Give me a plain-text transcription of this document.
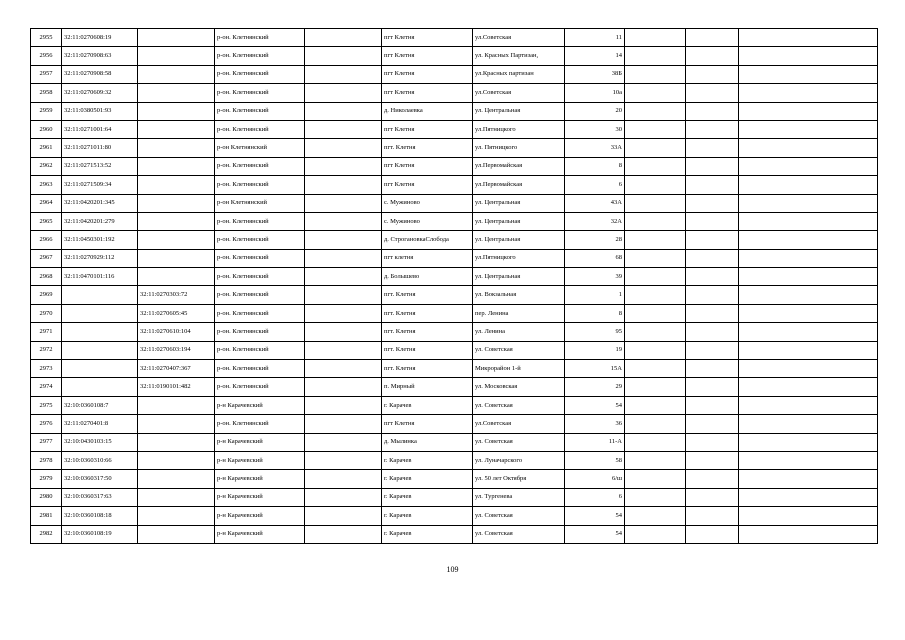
2955	32:11:0270608:19		р-он. Клетнянский		пгт Клетня	ул.Советская	11			
2956	32:11:0270908:63		р-он. Клетнянский		пгт Клетня	ул. Красных Партизан,	14			
2957	32:11:0270908:58		р-он. Клетнянский		пгт Клетня	ул.Красных партизан	38Б			
2958	32:11:0270609:32		р-он. Клетнянский		пгт Клетня	ул.Советская	10а			
2959	32:11:0380501:93		р-он. Клетнянский		д. Николаевка	ул. Центральная	20			
2960	32:11:0271001:64		р-он. Клетнянский		пгт Клетня	ул.Пятницкого	30			
2961	32:11:0271011:80		р-он Клетнянский		пгт. Клетня	ул. Пятницкого	33А			
2962	32:11:0271513:52		р-он. Клетнянский		пгт Клетня	ул.Первомайская	8			
2963	32:11:0271509:34		р-он. Клетнянский		пгт Клетня	ул.Первомайская	6			
2964	32:11:0420201:345		р-он Клетнянский		с. Мужиново	ул. Центральная	43А			
2965	32:11:0420201:279		р-он. Клетнянский		с. Мужиново	ул. Центральная	32А			
2966	32:11:0450301:192		р-он. Клетнянский		д. СтрогановкаСлобода	ул. Центральная	28			
2967	32:11:0270929:112		р-он. Клетнянский		пгт клетня	ул.Пятницкого	68			
2968	32:11:0470101:116		р-он. Клетнянский		д. Болышево	ул. Центральная	39			
2969		32:11:0270303:72	р-он. Клетнянский		пгт. Клетня	ул. Вокзальная	1			
2970		32:11:0270605:45	р-он. Клетнянский		пгт. Клетня	пер. Ленина	8			
2971		32:11:0270610:104	р-он. Клетнянский		пгт. Клетня	ул. Ленина	95			
2972		32:11:0270603:194	р-он. Клетнянский		пгт. Клетня	ул. Советская	19			
2973		32:11:0270407:367	р-он. Клетнянский		пгт. Клетня	Микрорайон 1-й	15А			
2974		32:11:0190101:482	р-он. Клетнянский		п. Мирный	ул. Московская	29			
2975	32:10:0360108:7		р-н Карачевский		г. Карачев	ул. Советская	54			
2976	32:11:0270401:8		р-он. Клетнянский		пгт Клетня	ул.Советская	36			
2977	32:10:0430103:15		р-н Карачевский		д. Мылинка	ул. Советская	11-А			
2978	32:10:0360310:66		р-н Карачевский		г. Карачев	ул. Луначарского	58			
2979	32:10:0360317:50		р-н Карачевский		г. Карачев	ул. 50 лет Октября	6/ш			
2980	32:10:0360317:63		р-н Карачевский		г. Карачев	ул. Тургенева	6			
2981	32:10:0360108:18		р-н Карачевский		г. Карачев	ул. Советская	54			
2982	32:10:0360108:19		р-н Карачевский		г. Карачев	ул. Советская	54			
109
